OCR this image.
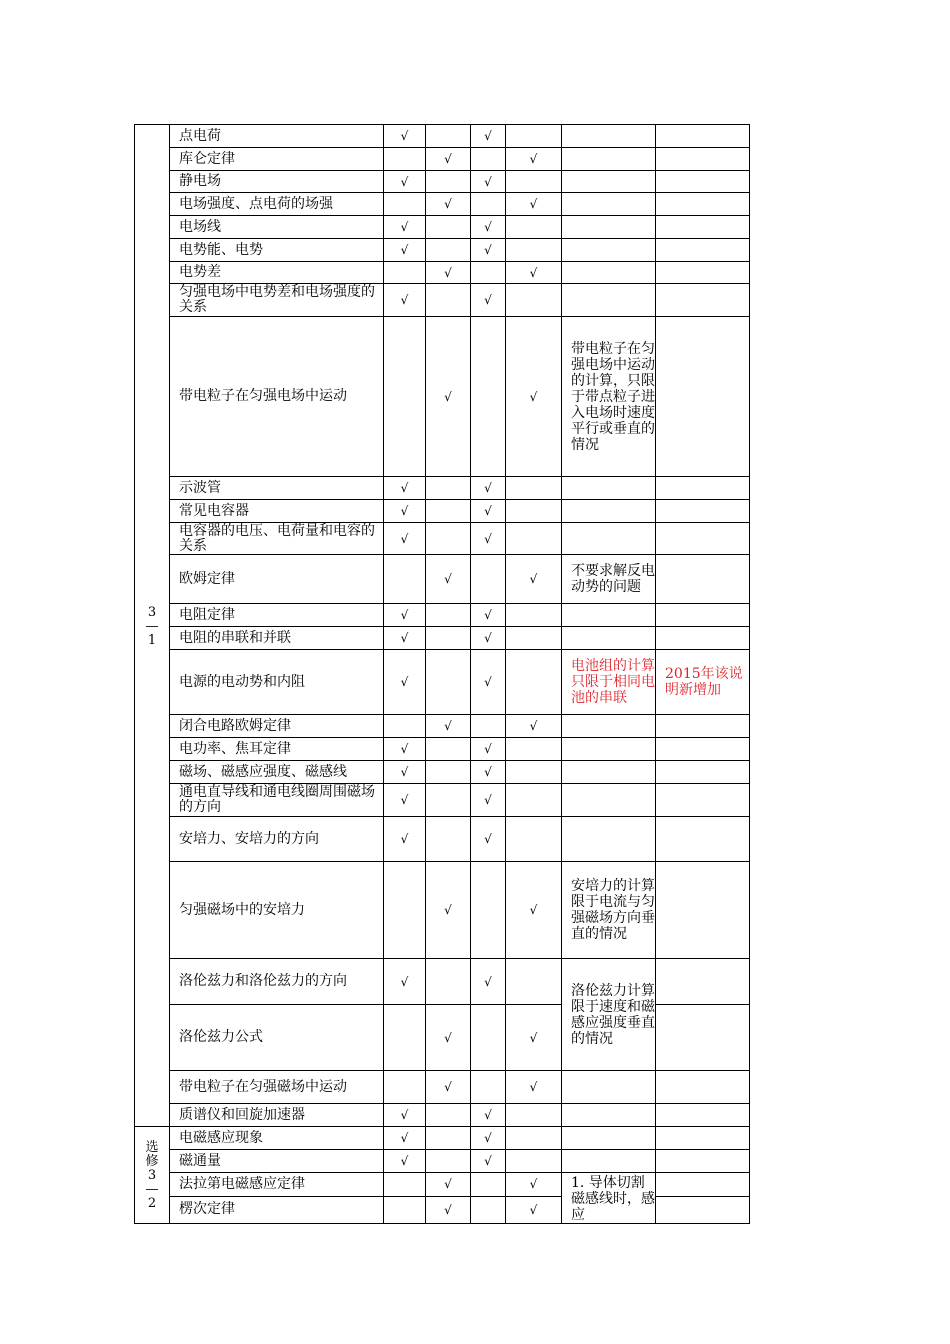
3
—
1	点电荷	√		√			
	库仑定律		√		√		
	静电场	√		√			
	电场强度、点电荷的场强		√		√		
	电场线	√		√			
	电势能、电势	√		√			
	电势差		√		√		
	匀强电场中电势差和电场强度的关系	√		√			
	带电粒子在匀强电场中运动		√		√	带电粒子在匀强电场中运动的计算，只限于带点粒子进入电场时速度平行或垂直的情况	
	示波管	√		√			
	常见电容器	√		√			
	电容器的电压、电荷量和电容的关系	√		√			
	欧姆定律		√		√	不要求解反电动势的问题	
	电阻定律	√		√			
	电阻的串联和并联	√		√			
	电源的电动势和内阻	√		√		电池组的计算只限于相同电池的串联	2015年该说明新增加
	闭合电路欧姆定律		√		√		
	电功率、焦耳定律	√		√			
	磁场、磁感应强度、磁感线	√		√			
	通电直导线和通电线圈周围磁场的方向	√		√			
	安培力、安培力的方向	√		√			
	匀强磁场中的安培力		√		√	安培力的计算限于电流与匀强磁场方向垂直的情况	
	洛伦兹力和洛伦兹力的方向	√		√		洛伦兹力计算限于速度和磁感应强度垂直的情况	
	洛伦兹力公式		√		√		
	带电粒子在匀强磁场中运动		√		√		
	质谱仪和回旋加速器	√		√			

选
修
3
—
2	电磁感应现象	√		√			
	磁通量	√		√			
	法拉第电磁感应定律		√		√	1. 导体切割磁感线时，感应	
	楞次定律		√		√		
